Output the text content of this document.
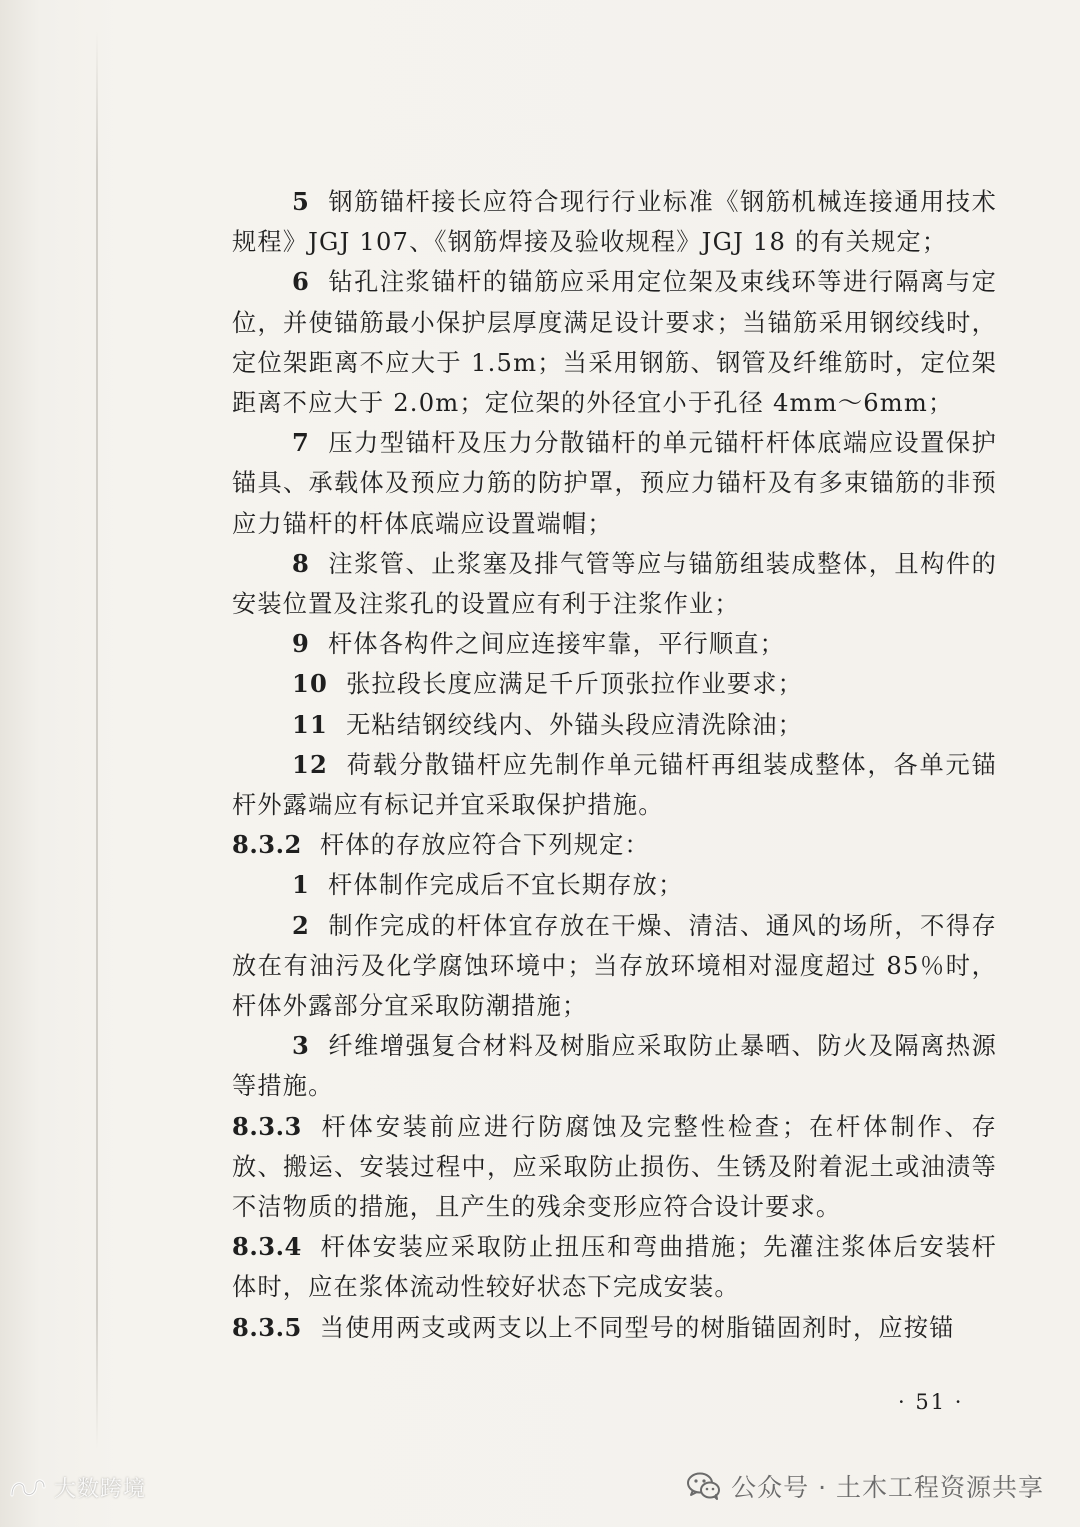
5 钢筋锚杆接长应符合现行行业标准《钢筋机械连接通用技术规程》JGJ 107、《钢筋焊接及验收规程》JGJ 18 的有关规定；

6 钻孔注浆锚杆的锚筋应采用定位架及束线环等进行隔离与定位，并使锚筋最小保护层厚度满足设计要求；当锚筋采用钢绞线时，定位架距离不应大于 1.5m；当采用钢筋、钢管及纤维筋时，定位架距离不应大于 2.0m；定位架的外径宜小于孔径 4mm～6mm；

7 压力型锚杆及压力分散锚杆的单元锚杆杆体底端应设置保护锚具、承载体及预应力筋的防护罩，预应力锚杆及有多束锚筋的非预应力锚杆的杆体底端应设置端帽；

8 注浆管、止浆塞及排气管等应与锚筋组装成整体，且构件的安装位置及注浆孔的设置应有利于注浆作业；

9 杆体各构件之间应连接牢靠，平行顺直；

10 张拉段长度应满足千斤顶张拉作业要求；

11 无粘结钢绞线内、外锚头段应清洗除油；

12 荷载分散锚杆应先制作单元锚杆再组装成整体，各单元锚杆外露端应有标记并宜采取保护措施。

8.3.2 杆体的存放应符合下列规定：

1 杆体制作完成后不宜长期存放；

2 制作完成的杆体宜存放在干燥、清洁、通风的场所，不得存放在有油污及化学腐蚀环境中；当存放环境相对湿度超过 85％时，杆体外露部分宜采取防潮措施；

3 纤维增强复合材料及树脂应采取防止暴晒、防火及隔离热源等措施。

8.3.3 杆体安装前应进行防腐蚀及完整性检查；在杆体制作、存放、搬运、安装过程中，应采取防止损伤、生锈及附着泥土或油渍等不洁物质的措施，且产生的残余变形应符合设计要求。

8.3.4 杆体安装应采取防止扭压和弯曲措施；先灌注浆体后安装杆体时，应在浆体流动性较好状态下完成安装。

8.3.5 当使用两支或两支以上不同型号的树脂锚固剂时，应按锚

· 51 ·
公众号 · 土木工程资源共享
大数跨境
